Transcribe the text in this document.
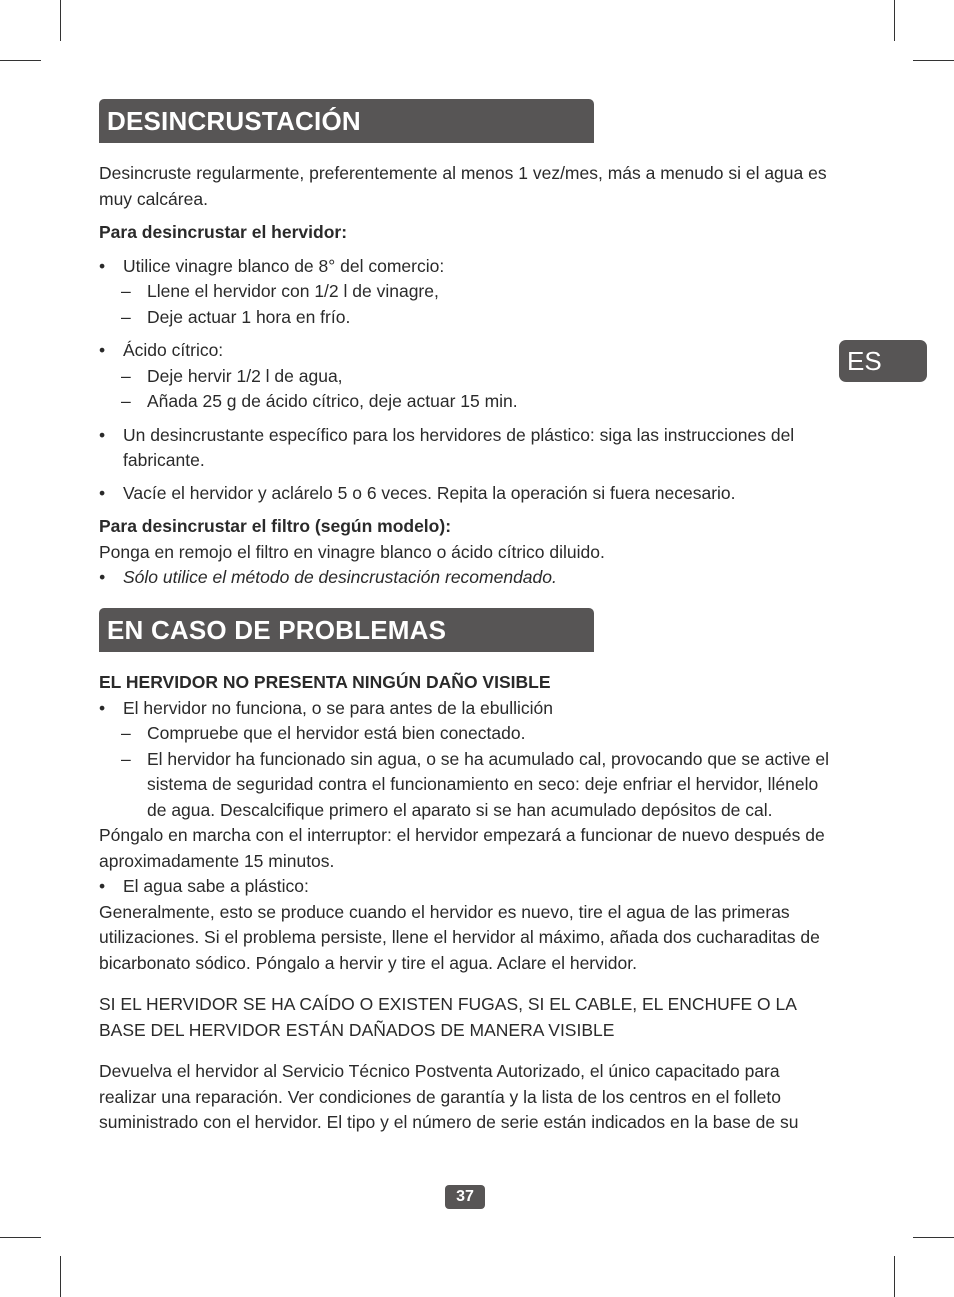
DESINCRUSTACIÓN
ES

Desincruste regularmente, preferentemente al menos 1 vez/mes, más a menudo si el agua es muy calcárea.

Para desincrustar el hervidor:

• Utilice vinagre blanco de 8° del comercio:
– Llene el hervidor con 1/2 l de vinagre,
– Deje actuar 1 hora en frío.
• Ácido cítrico:
– Deje hervir 1/2 l de agua,
– Añada 25 g de ácido cítrico, deje actuar 15 min.
• Un desincrustante específico para los hervidores de plástico: siga las instrucciones del fabricante.
• Vacíe el hervidor y aclárelo 5 o 6 veces. Repita la operación si fuera necesario.

Para desincrustar el filtro (según modelo):

Ponga en remojo el filtro en vinagre blanco o ácido cítrico diluido.

• Sólo utilice el método de desincrustación recomendado.
EN CASO DE PROBLEMAS

EL HERVIDOR NO PRESENTA NINGÚN DAÑO VISIBLE

• El hervidor no funciona, o se para antes de la ebullición
– Compruebe que el hervidor está bien conectado.
– El hervidor ha funcionado sin agua, o se ha acumulado cal, provocando que se active el sistema de seguridad contra el funcionamiento en seco: deje enfriar el hervidor, llénelo de agua. Descalcifique primero el aparato si se han acumulado depósitos de cal.

Póngalo en marcha con el interruptor: el hervidor empezará a funcionar de nuevo después de aproximadamente 15 minutos.

• El agua sabe a plástico:

Generalmente, esto se produce cuando el hervidor es nuevo, tire el agua de las primeras utilizaciones. Si el problema persiste, llene el hervidor al máximo, añada dos cucharaditas de bicarbonato sódico. Póngalo a hervir y tire el agua. Aclare el hervidor.

SI EL HERVIDOR SE HA CAÍDO O EXISTEN FUGAS, SI EL CABLE, EL ENCHUFE O LA BASE DEL HERVIDOR ESTÁN DAÑADOS DE MANERA VISIBLE

Devuelva el hervidor al Servicio Técnico Postventa Autorizado, el único capacitado para realizar una reparación. Ver condiciones de garantía y la lista de los centros en el folleto suministrado con el hervidor. El tipo y el número de serie están indicados en la base de su

37
